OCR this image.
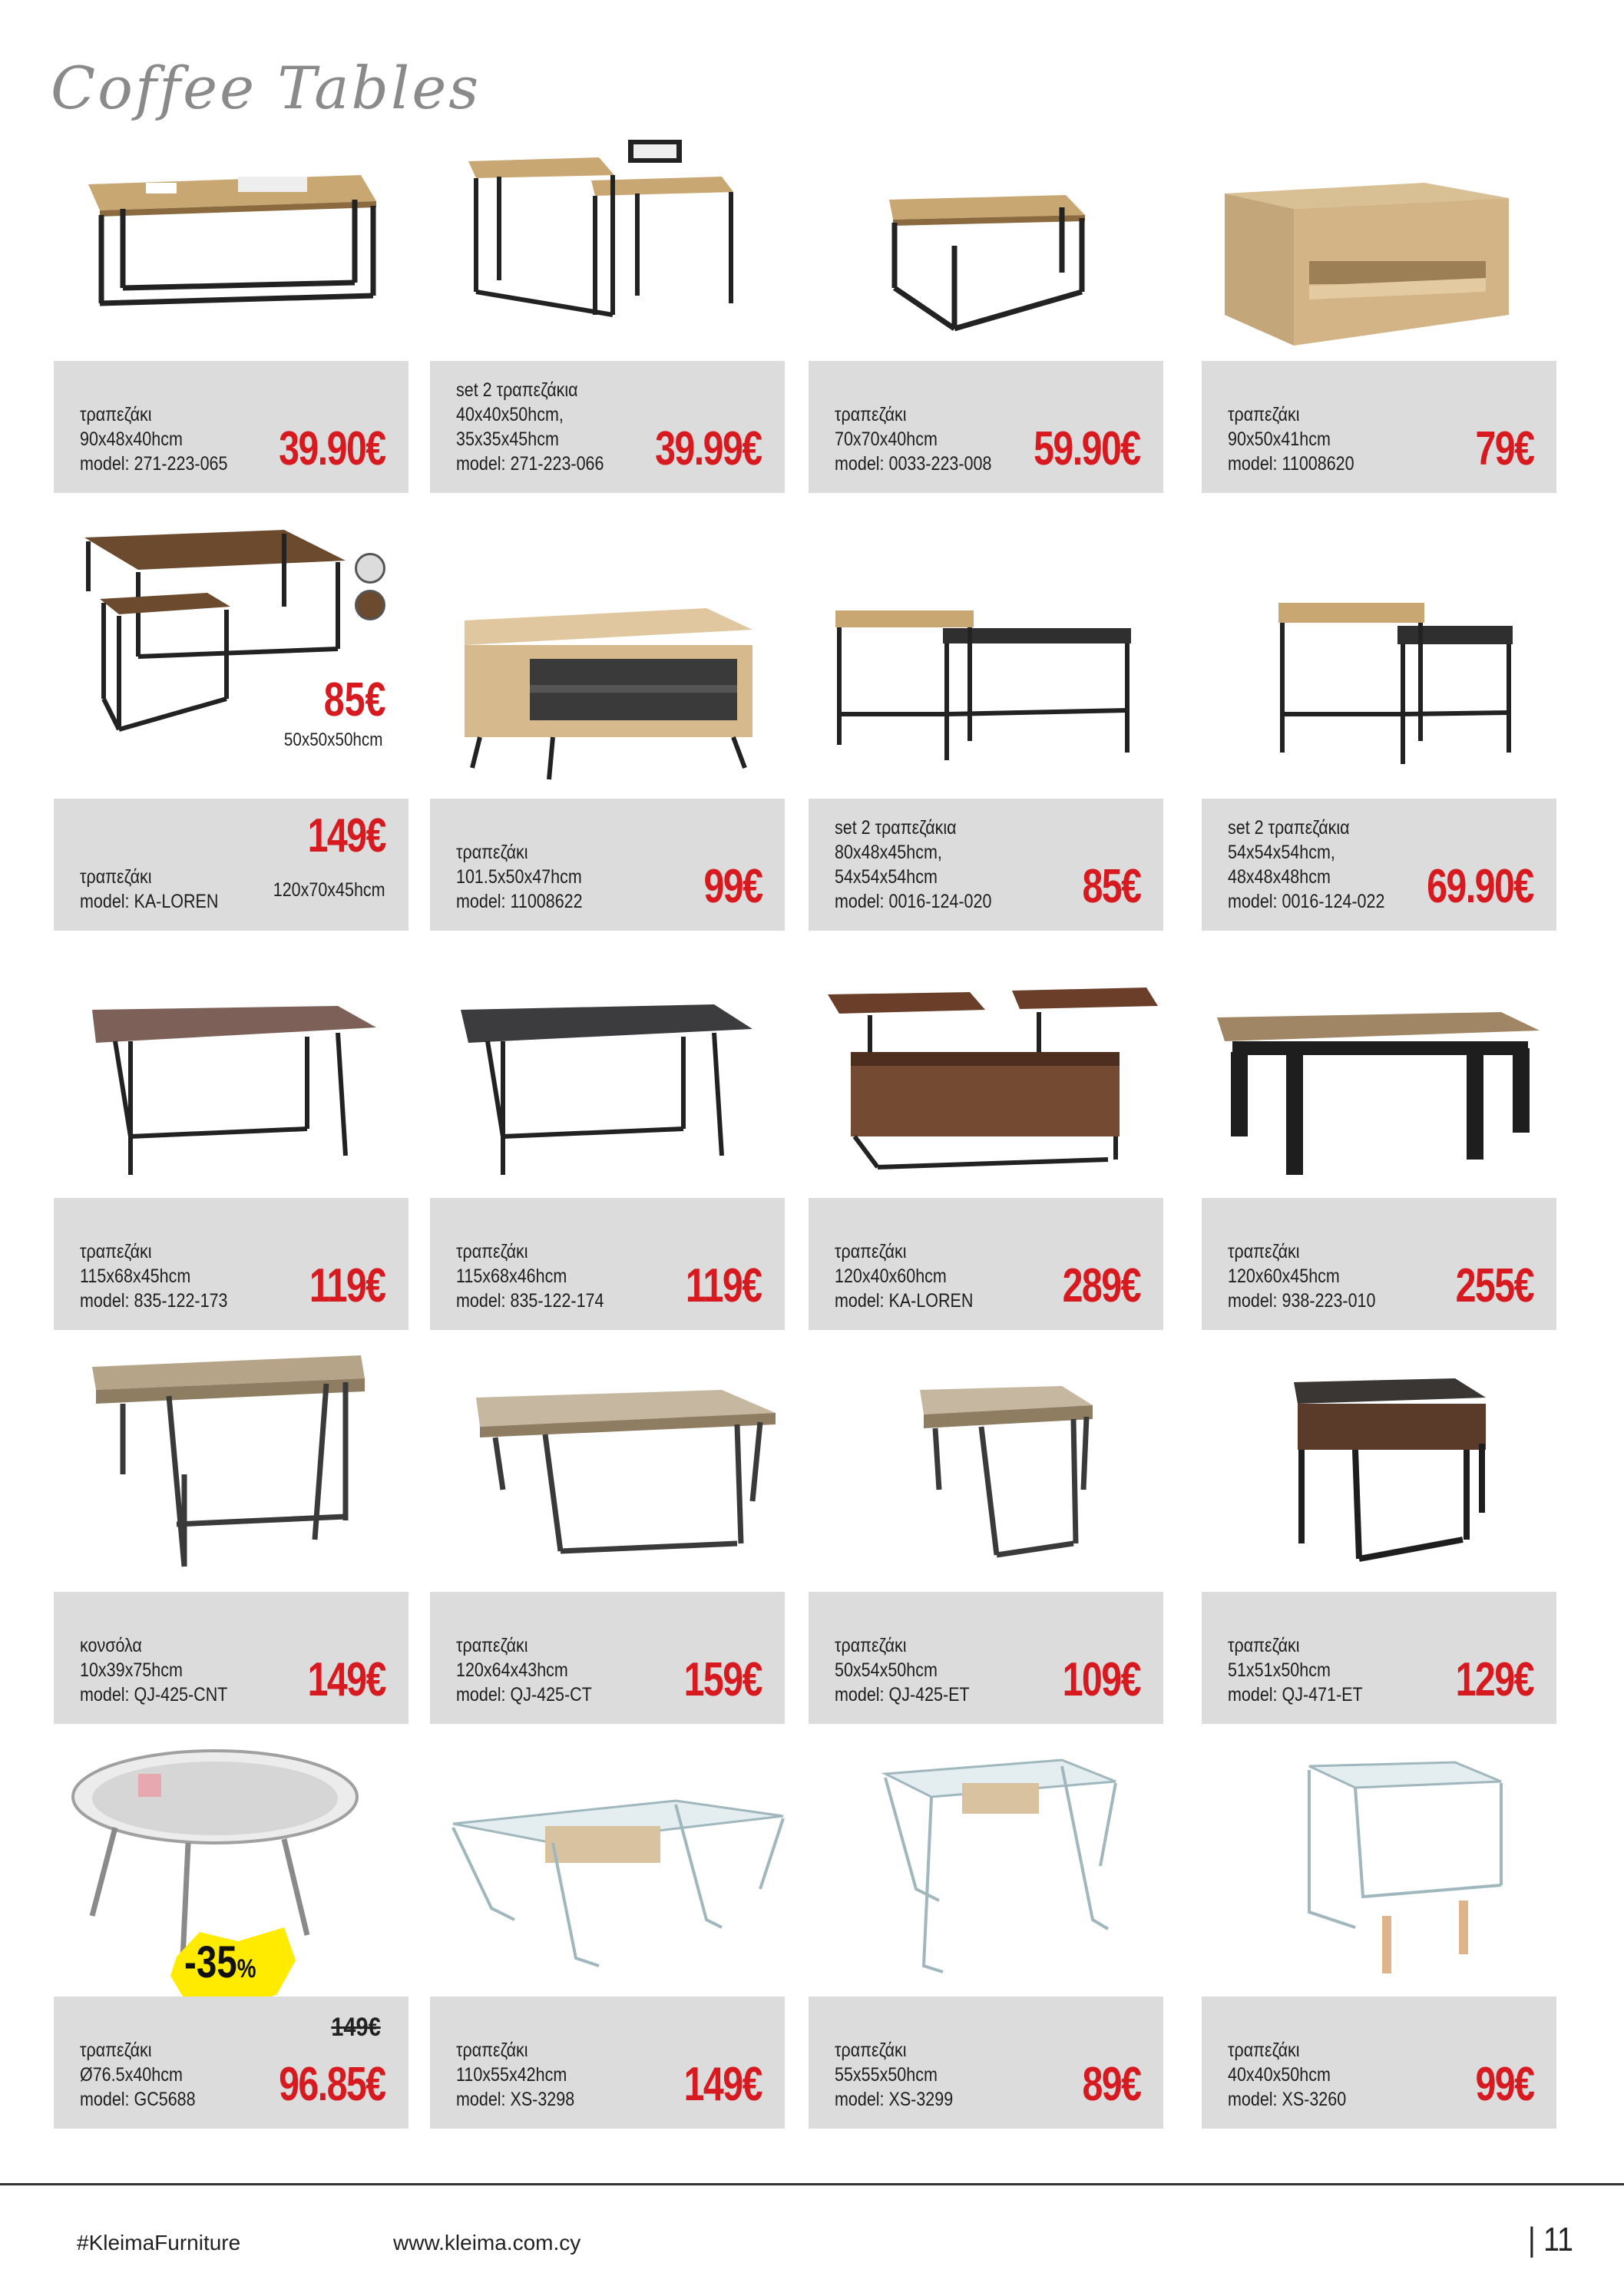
Coffee Tables
τραπεζάκι
90x48x40hcm
model: 271-223-065 39.90€
set 2 τραπεζάκια
40x40x50hcm,
35x35x45hcm
model: 271-223-066 39.99€
τραπεζάκι
70x70x40hcm
model: 0033-223-008 59.90€
τραπεζάκι
90x50x41hcm
model: 11008620	79€
85€
50x50x50hcm
τραπεζάκι
model: KA-LOREN
149€
120x70x45hcm
τραπεζάκι
101.5x50x47hcm
model: 11008622	99€
set 2 τραπεζάκια
80x48x45hcm,
54x54x54hcm
model: 0016-124-020 85€
set 2 τραπεζάκια
54x54x54hcm,
48x48x48hcm
model: 0016-124-022 69.90€
τραπεζάκι
115x68x45hcm
model: 835-122-173 119€
τραπεζάκι
115x68x46hcm
model: 835-122-174 119€
τραπεζάκι
120x40x60hcm
model: KA-LOREN 289€
τραπεζάκι
120x60x45hcm
model: 938-223-010 255€
κονσόλα
10x39x75hcm
model: QJ-425-CNT 149€
τραπεζάκι
120x64x43hcm
model: QJ-425-CT 159€
τραπεζάκι
50x54x50hcm
model: QJ-425-ET 109€
τραπεζάκι
51x51x50hcm
model: QJ-471-ET 129€
-35%
τραπεζάκι
Ø76.5x40hcm
model: GC5688
149€
96.85€
τραπεζάκι
110x55x42hcm
model: XS-3298 149€
τραπεζάκι
55x55x50hcm
model: XS-3299	89€
τραπεζάκι
40x40x50hcm
model: XS-3260	99€
#KleimaFurniture	www.kleima.com.cy	| 11
